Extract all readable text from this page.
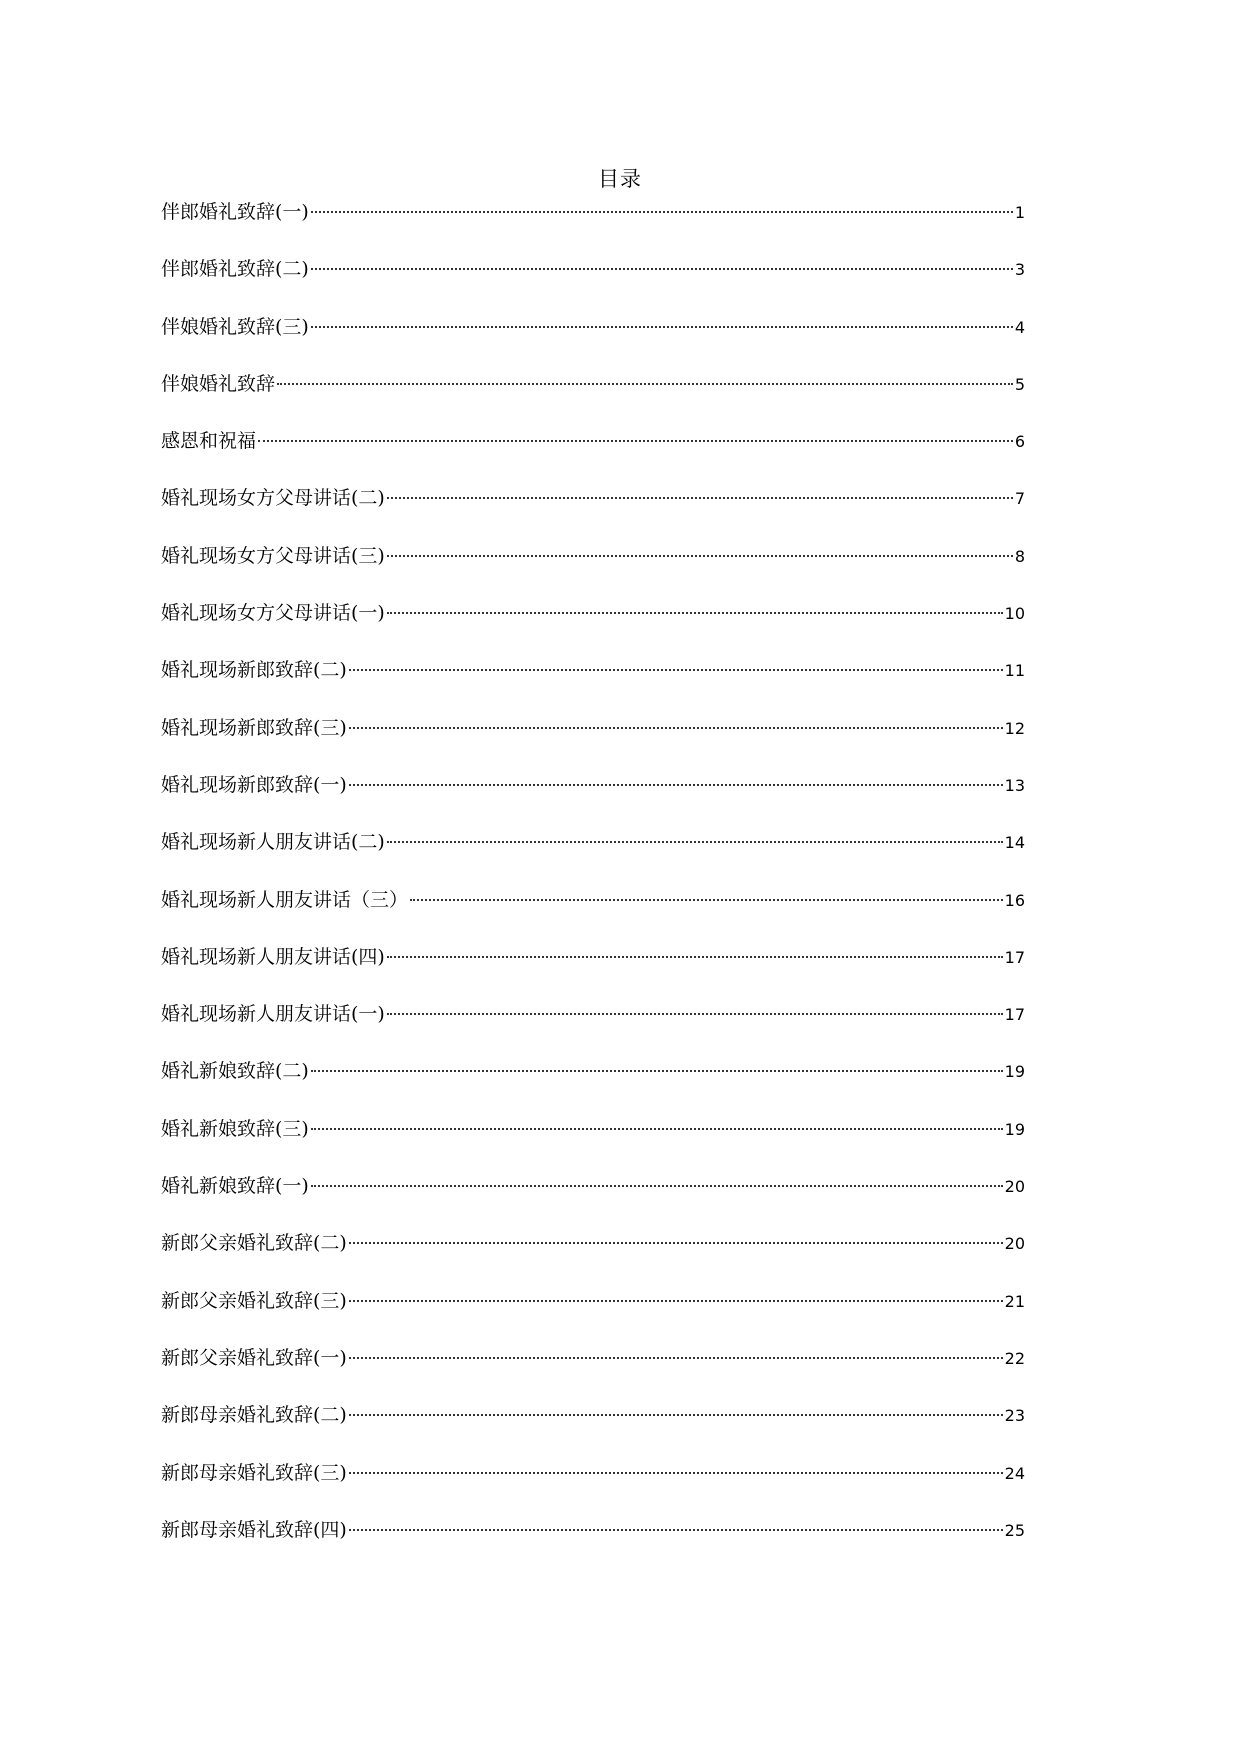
目录
伴郎婚礼致辞(一)	1
伴郎婚礼致辞(二)	3
伴娘婚礼致辞(三)	4
伴娘婚礼致辞	5
感恩和祝福	6
婚礼现场女方父母讲话(二)	7
婚礼现场女方父母讲话(三)	8
婚礼现场女方父母讲话(一)	10
婚礼现场新郎致辞(二)	11
婚礼现场新郎致辞(三)	12
婚礼现场新郎致辞(一)	13
婚礼现场新人朋友讲话(二)	14
婚礼现场新人朋友讲话（三）	16
婚礼现场新人朋友讲话(四)	17
婚礼现场新人朋友讲话(一)	17
婚礼新娘致辞(二)	19
婚礼新娘致辞(三)	19
婚礼新娘致辞(一)	20
新郎父亲婚礼致辞(二)	20
新郎父亲婚礼致辞(三)	21
新郎父亲婚礼致辞(一)	22
新郎母亲婚礼致辞(二)	23
新郎母亲婚礼致辞(三)	24
新郎母亲婚礼致辞(四)	25
